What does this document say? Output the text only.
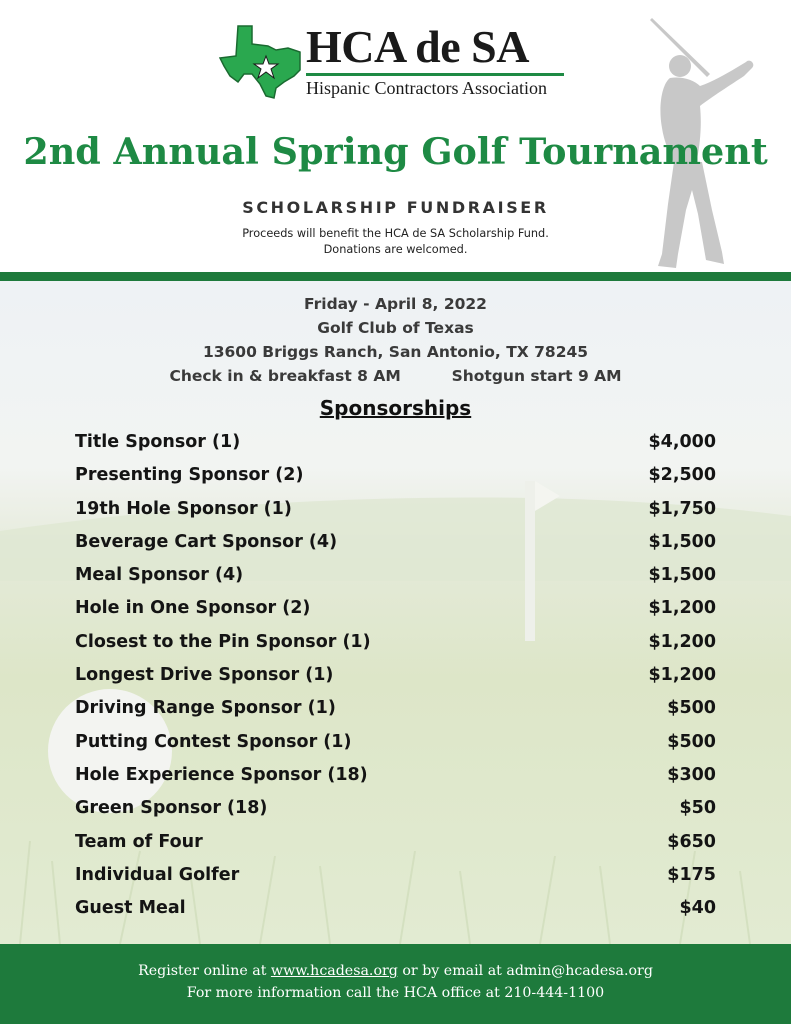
HCA de SA
Hispanic Contractors Association
2nd Annual Spring Golf Tournament
SCHOLARSHIP FUNDRAISER
Proceeds will benefit the HCA de SA Scholarship Fund.
Donations are welcomed.
Friday - April 8, 2022
Golf Club of Texas
13600 Briggs Ranch, San Antonio, TX 78245
Check in & breakfast 8 AM	Shotgun start 9 AM
Sponsorships
Title Sponsor (1)	$4,000
Presenting Sponsor (2)	$2,500
19th Hole Sponsor (1)	$1,750
Beverage Cart Sponsor (4)	$1,500
Meal Sponsor (4)	$1,500
Hole in One Sponsor (2)	$1,200
Closest to the Pin Sponsor (1)	$1,200
Longest Drive Sponsor (1)	$1,200
Driving Range Sponsor (1)	$500
Putting Contest Sponsor (1)	$500
Hole Experience Sponsor (18)	$300
Green Sponsor (18)	$50
Team of Four	$650
Individual Golfer	$175
Guest Meal	$40
Register online at www.hcadesa.org or by email at admin@hcadesa.org
For more information call the HCA office at 210-444-1100
